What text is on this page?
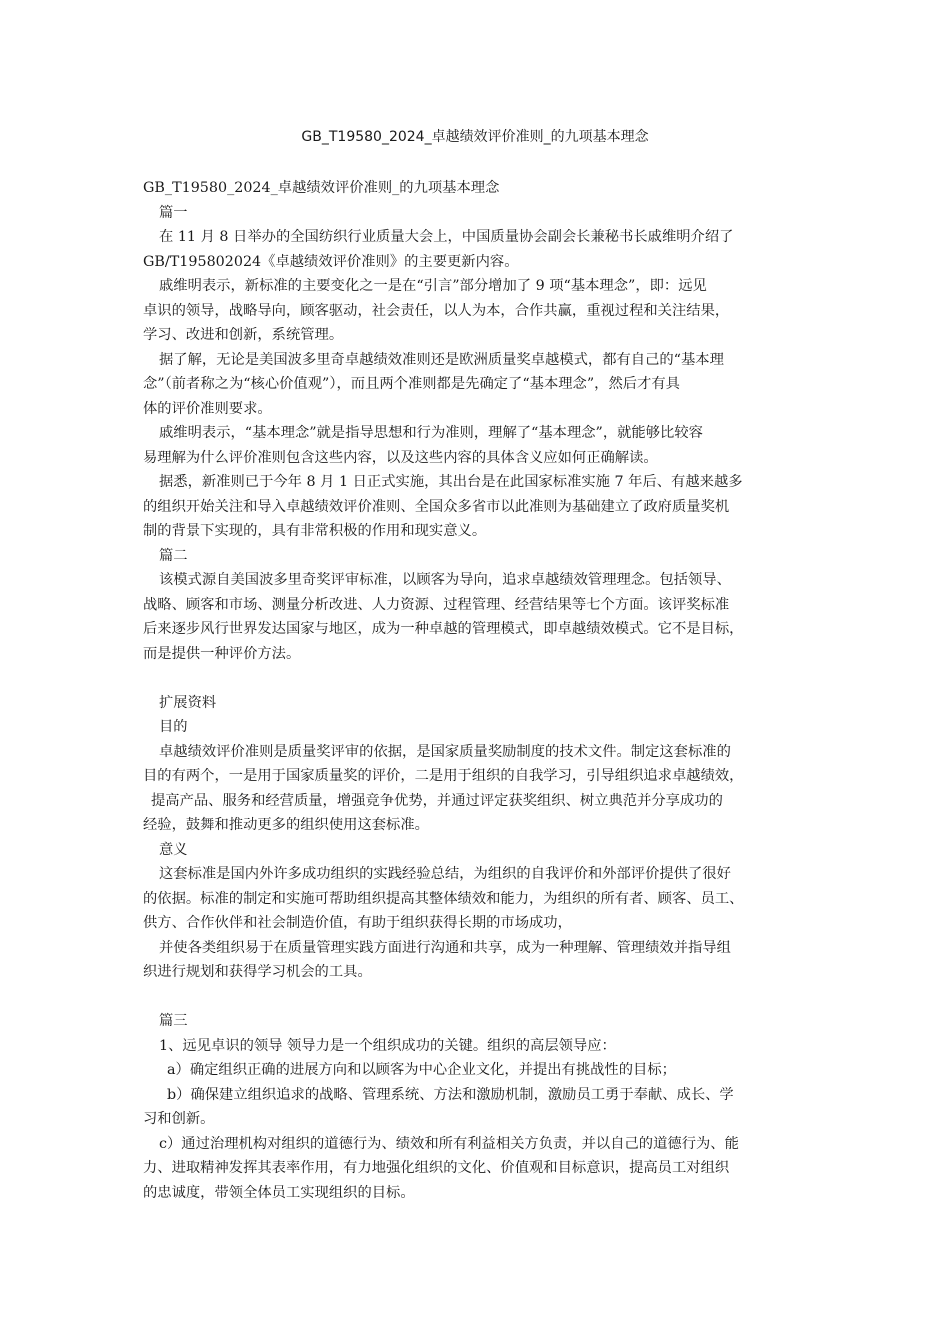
GB_T19580_2024_卓越绩效评价准则_的九项基本理念
GB_T19580_2024_卓越绩效评价准则_的九项基本理念
篇一
在 11 月 8 日举办的全国纺织行业质量大会上，中国质量协会副会长兼秘书长戚维明介绍了
GB/T195802024《卓越绩效评价准则》的主要更新内容。
戚维明表示，新标准的主要变化之一是在“引言”部分增加了 9 项“基本理念”，即：远见
卓识的领导，战略导向，顾客驱动，社会责任，以人为本，合作共赢，重视过程和关注结果，
学习、改进和创新，系统管理。
据了解，无论是美国波多里奇卓越绩效准则还是欧洲质量奖卓越模式，都有自己的“基本理
念”（前者称之为“核心价值观”），而且两个准则都是先确定了“基本理念”，然后才有具
体的评价准则要求。
戚维明表示，“基本理念”就是指导思想和行为准则，理解了“基本理念”，就能够比较容
易理解为什么评价准则包含这些内容，以及这些内容的具体含义应如何正确解读。
据悉，新准则已于今年 8 月 1 日正式实施，其出台是在此国家标准实施 7 年后、有越来越多
的组织开始关注和导入卓越绩效评价准则、全国众多省市以此准则为基础建立了政府质量奖机
制的背景下实现的，具有非常积极的作用和现实意义。
篇二
该模式源自美国波多里奇奖评审标准，以顾客为导向，追求卓越绩效管理理念。包括领导、
战略、顾客和市场、测量分析改进、人力资源、过程管理、经营结果等七个方面。该评奖标准
后来逐步风行世界发达国家与地区，成为一种卓越的管理模式，即卓越绩效模式。它不是目标，
而是提供一种评价方法。
扩展资料
目的
卓越绩效评价准则是质量奖评审的依据，是国家质量奖励制度的技术文件。制定这套标准的
目的有两个，一是用于国家质量奖的评价，二是用于组织的自我学习，引导组织追求卓越绩效，
提高产品、服务和经营质量，增强竞争优势，并通过评定获奖组织、树立典范并分享成功的
经验，鼓舞和推动更多的组织使用这套标准。
意义
这套标准是国内外许多成功组织的实践经验总结，为组织的自我评价和外部评价提供了很好
的依据。标准的制定和实施可帮助组织提高其整体绩效和能力，为组织的所有者、顾客、员工、
供方、合作伙伴和社会制造价值，有助于组织获得长期的市场成功，
并使各类组织易于在质量管理实践方面进行沟通和共享，成为一种理解、管理绩效并指导组
织进行规划和获得学习机会的工具。
篇三
1、远见卓识的领导 领导力是一个组织成功的关键。组织的高层领导应：
a）确定组织正确的进展方向和以顾客为中心企业文化，并提出有挑战性的目标；
b）确保建立组织追求的战略、管理系统、方法和激励机制，激励员工勇于奉献、成长、学
习和创新。
c）通过治理机构对组织的道德行为、绩效和所有利益相关方负责，并以自己的道德行为、能
力、进取精神发挥其表率作用，有力地强化组织的文化、价值观和目标意识，提高员工对组织
的忠诚度，带领全体员工实现组织的目标。
